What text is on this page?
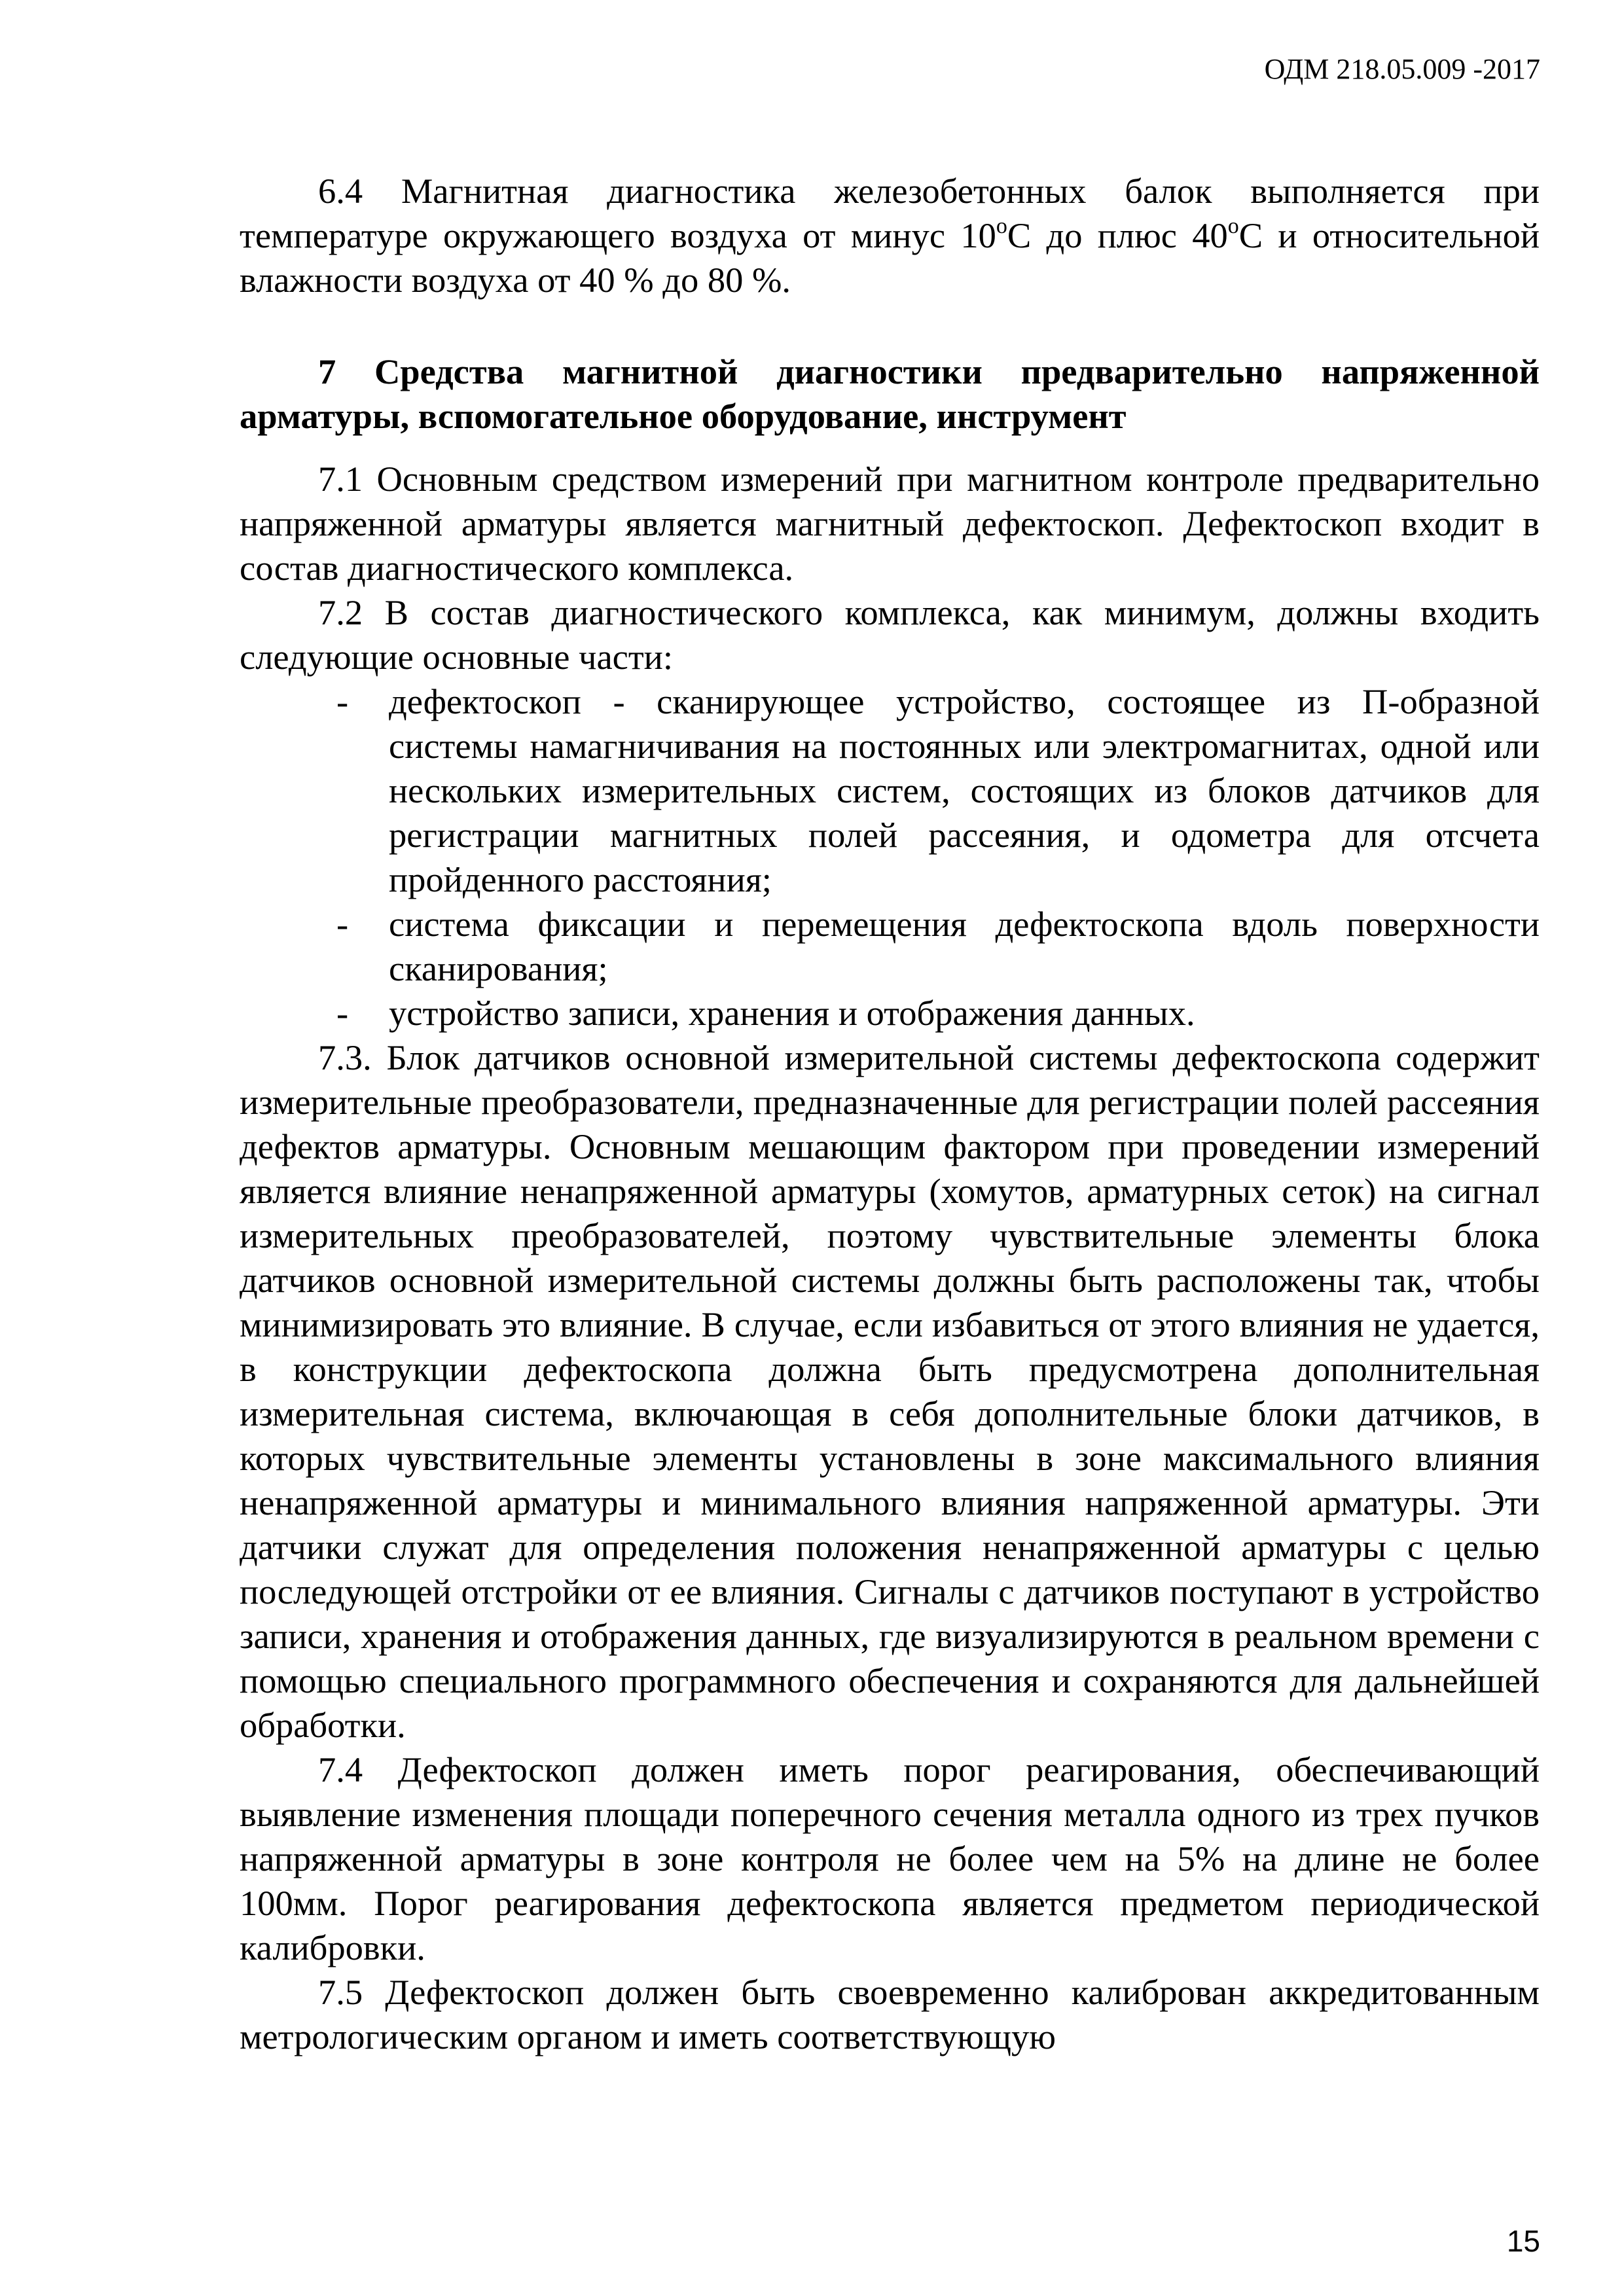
ОДМ 218.05.009 -2017

6.4 Магнитная диагностика железобетонных балок выполняется при температуре окружающего воздуха от минус $10^оС$ до плюс $40^оС$ и относительной влажности воздуха от 40 % до 80 %.

7 Средства магнитной диагностики предварительно напряженной арматуры, вспомогательное оборудование, инструмент

7.1 Основным средством измерений при магнитном контроле предварительно напряженной арматуры является магнитный дефектоскоп. Дефектоскоп входит в состав диагностического комплекса.

7.2 В состав диагностического комплекса, как минимум, должны входить следующие основные части:

- дефектоскоп - сканирующее устройство, состоящее из П-образной системы намагничивания на постоянных или электромагнитах, одной или нескольких измерительных систем, состоящих из блоков датчиков для регистрации магнитных полей рассеяния, и одометра для отсчета пройденного расстояния;
- система фиксации и перемещения дефектоскопа вдоль поверхности сканирования;
- устройство записи, хранения и отображения данных.

7.3. Блок датчиков основной измерительной системы дефектоскопа содержит измерительные преобразователи, предназначенные для регистрации полей рассеяния дефектов арматуры. Основным мешающим фактором при проведении измерений является влияние ненапряженной арматуры (хомутов, арматурных сеток) на сигнал измерительных преобразователей, поэтому чувствительные элементы блока датчиков основной измерительной системы должны быть расположены так, чтобы минимизировать это влияние. В случае, если избавиться от этого влияния не удается, в конструкции дефектоскопа должна быть предусмотрена дополнительная измерительная система, включающая в себя дополнительные блоки датчиков, в которых чувствительные элементы установлены в зоне максимального влияния ненапряженной арматуры и минимального влияния напряженной арматуры. Эти датчики служат для определения положения ненапряженной арматуры с целью последующей отстройки от ее влияния. Сигналы с датчиков поступают в устройство записи, хранения и отображения данных, где визуализируются в реальном времени с помощью специального программного обеспечения и сохраняются для дальнейшей обработки.

7.4 Дефектоскоп должен иметь порог реагирования, обеспечивающий выявление изменения площади поперечного сечения металла одного из трех пучков напряженной арматуры в зоне контроля не более чем на 5% на длине не более 100мм. Порог реагирования дефектоскопа является предметом периодической калибровки.

7.5 Дефектоскоп должен быть своевременно калиброван аккредитованным метрологическим органом и иметь соответствующую

15
